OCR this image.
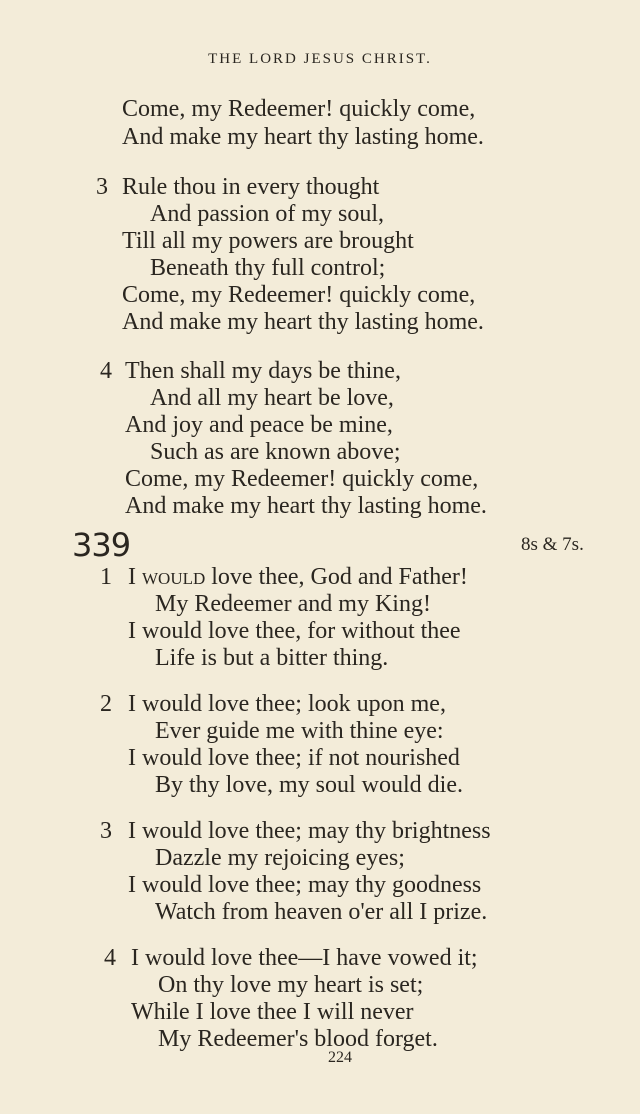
THE LORD JESUS CHRIST.
Come, my Redeemer! quickly come,
And make my heart thy lasting home.
3 Rule thou in every thought
And passion of my soul,
Till all my powers are brought
Beneath thy full control;
Come, my Redeemer! quickly come,
And make my heart thy lasting home.
4 Then shall my days be thine,
And all my heart be love,
And joy and peace be mine,
Such as are known above;
Come, my Redeemer! quickly come,
And make my heart thy lasting home.
339	8s & 7s.
1 I would love thee, God and Father!
My Redeemer and my King!
I would love thee, for without thee
Life is but a bitter thing.
2 I would love thee; look upon me,
Ever guide me with thine eye:
I would love thee; if not nourished
By thy love, my soul would die.
3 I would love thee; may thy brightness
Dazzle my rejoicing eyes;
I would love thee; may thy goodness
Watch from heaven o'er all I prize.
4 I would love thee—I have vowed it;
On thy love my heart is set;
While I love thee I will never
My Redeemer's blood forget.
224
